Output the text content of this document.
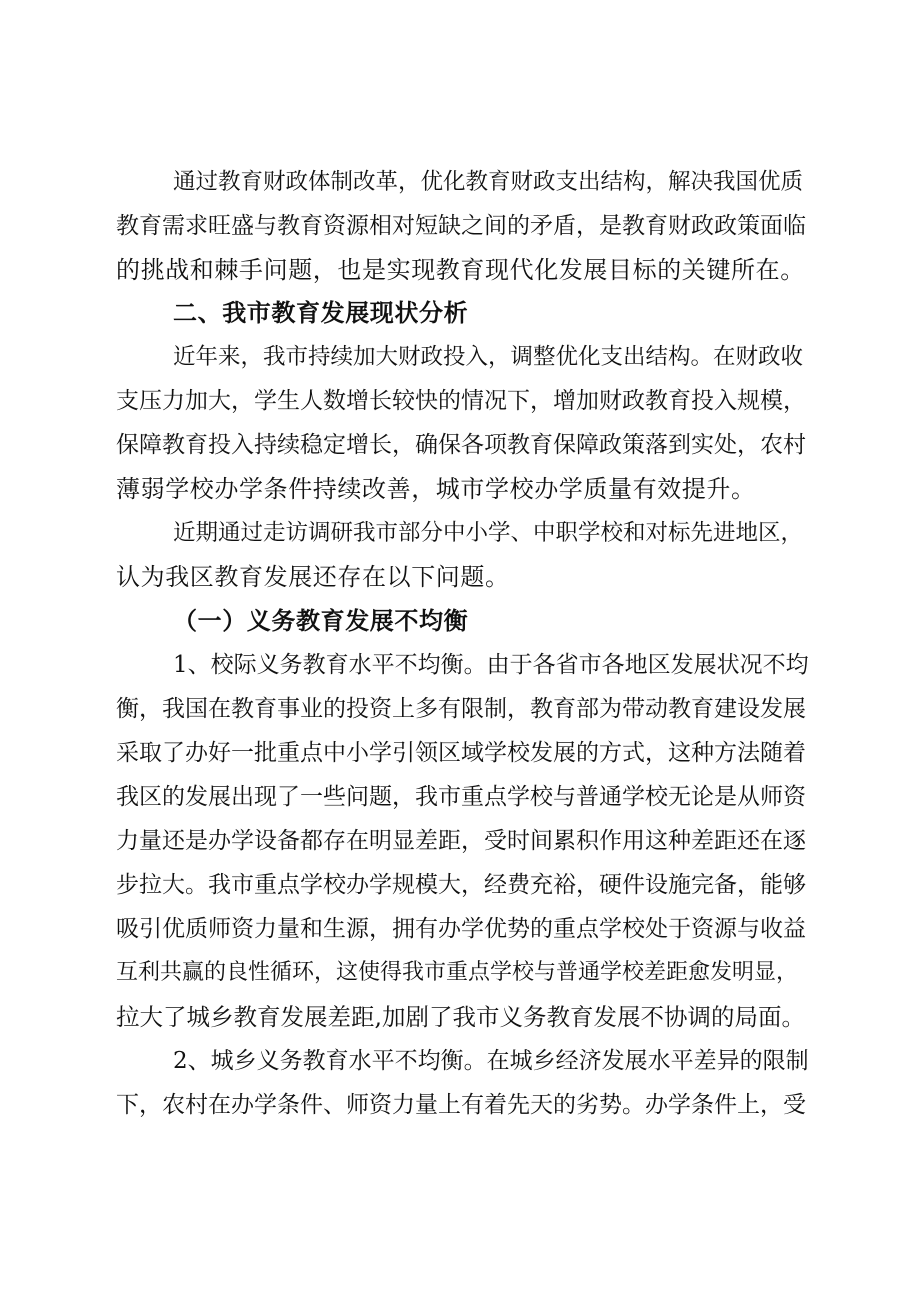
通过教育财政体制改革，优化教育财政支出结构，解决我国优质
教育需求旺盛与教育资源相对短缺之间的矛盾，是教育财政政策面临
的挑战和棘手问题，也是实现教育现代化发展目标的关键所在。
二、我市教育发展现状分析
近年来，我市持续加大财政投入，调整优化支出结构。在财政收
支压力加大，学生人数增长较快的情况下，增加财政教育投入规模，
保障教育投入持续稳定增长，确保各项教育保障政策落到实处，农村
薄弱学校办学条件持续改善，城市学校办学质量有效提升。
近期通过走访调研我市部分中小学、中职学校和对标先进地区，
认为我区教育发展还存在以下问题。
（一）义务教育发展不均衡
1、校际义务教育水平不均衡。由于各省市各地区发展状况不均
衡，我国在教育事业的投资上多有限制，教育部为带动教育建设发展
采取了办好一批重点中小学引领区域学校发展的方式，这种方法随着
我区的发展出现了一些问题，我市重点学校与普通学校无论是从师资
力量还是办学设备都存在明显差距，受时间累积作用这种差距还在逐
步拉大。我市重点学校办学规模大，经费充裕，硬件设施完备，能够
吸引优质师资力量和生源，拥有办学优势的重点学校处于资源与收益
互利共赢的良性循环，这使得我市重点学校与普通学校差距愈发明显，
拉大了城乡教育发展差距,加剧了我市义务教育发展不协调的局面。
2、城乡义务教育水平不均衡。在城乡经济发展水平差异的限制
下，农村在办学条件、师资力量上有着先天的劣势。办学条件上，受
